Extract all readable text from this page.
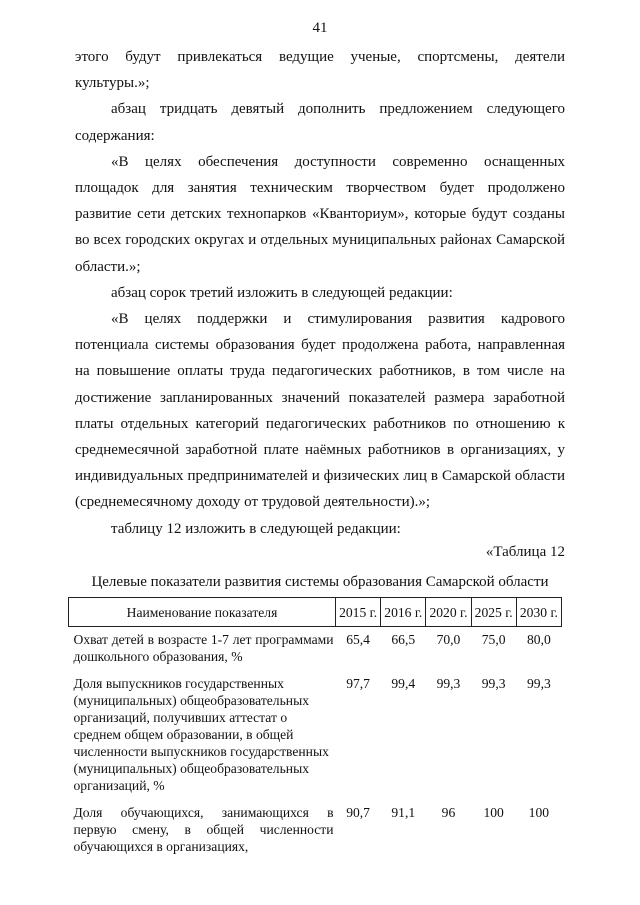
41

этого будут привлекаться ведущие ученые, спортсмены, деятели культуры.»;

абзац тридцать девятый дополнить предложением следующего содержания:

«В целях обеспечения доступности современно оснащенных площадок для занятия техническим творчеством будет продолжено развитие сети детских технопарков «Кванториум», которые будут созданы во всех городских округах и отдельных муниципальных районах Самарской области.»;

абзац сорок третий изложить в следующей редакции:

«В целях поддержки и стимулирования развития кадрового потенциала системы образования будет продолжена работа, направленная на повышение оплаты труда педагогических работников, в том числе на достижение запланированных значений показателей размера заработной платы отдельных категорий педагогических работников по отношению к среднемесячной заработной плате наёмных работников в организациях, у индивидуальных предпринимателей и физических лиц в Самарской области (среднемесячному доходу от трудовой деятельности).»;

таблицу 12 изложить в следующей редакции:

«Таблица 12
Целевые показатели развития системы образования Самарской области
Наименование показателя	2015 г.	2016 г.	2020 г.	2025 г.	2030 г.
Охват детей в возрасте 1-7 лет программами дошкольного образования, %	65,4	66,5	70,0	75,0	80,0
Доля выпускников государственных (муниципальных) общеобразовательных организаций, получивших аттестат о среднем общем образовании, в общей численности выпускников государственных (муниципальных) общеобразовательных организаций, %	97,7	99,4	99,3	99,3	99,3
Доля обучающихся, занимающихся в первую смену, в общей численности обучающихся в организациях,	90,7	91,1	96	100	100
